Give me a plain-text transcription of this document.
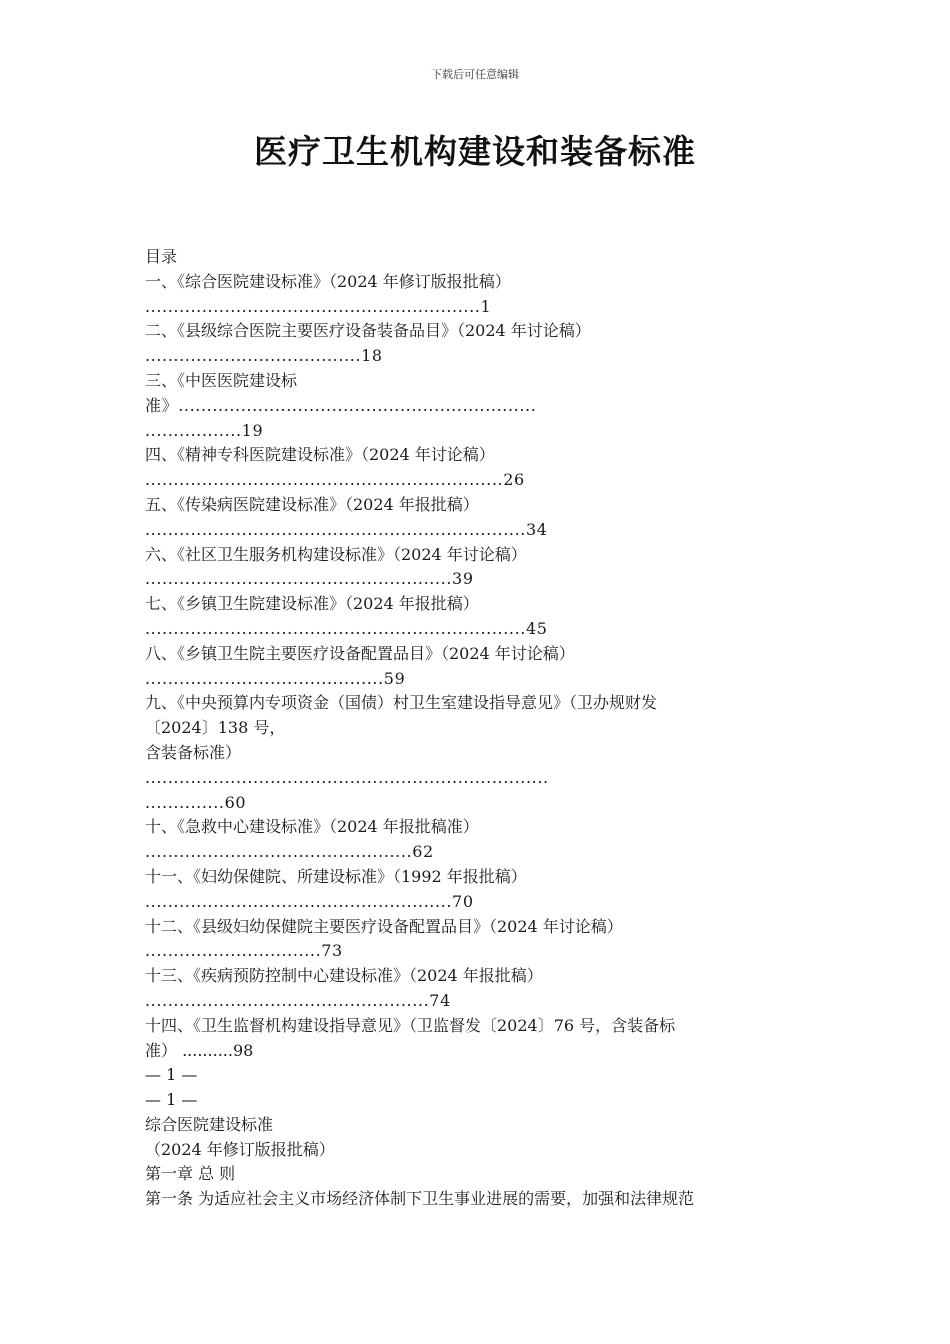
下载后可任意编辑
医疗卫生机构建设和装备标准
目录
一、《综合医院建设标准》（2024 年修订版报批稿）
...........................................................1
二、《县级综合医院主要医疗设备装备品目》（2024 年讨论稿）
......................................18
三、《中医医院建设标
准》...............................................................
.................19
四、《精神专科医院建设标准》（2024 年讨论稿）
...............................................................26
五、《传染病医院建设标准》（2024 年报批稿）
...................................................................34
六、《社区卫生服务机构建设标准》（2024 年讨论稿）
......................................................39
七、《乡镇卫生院建设标准》（2024 年报批稿）
...................................................................45
八、《乡镇卫生院主要医疗设备配置品目》（2024 年讨论稿）
..........................................59
九、《中央预算内专项资金（国债）村卫生室建设指导意见》（卫办规财发
〔2024〕138 号，
含装备标准）
.......................................................................
..............60
十、《急救中心建设标准》（2024 年报批稿准）
...............................................62
十一、《妇幼保健院、所建设标准》（1992 年报批稿）
......................................................70
十二、《县级妇幼保健院主要医疗设备配置品目》（2024 年讨论稿）
...............................73
十三、《疾病预防控制中心建设标准》（2024 年报批稿）
..................................................74
十四、《卫生监督机构建设指导意见》（卫监督发〔2024〕76 号，含装备标
准） ..........98
— 1 —
— 1 —
综合医院建设标准
（2024 年修订版报批稿）
第一章 总 则
第一条 为适应社会主义市场经济体制下卫生事业进展的需要，加强和法律规范
